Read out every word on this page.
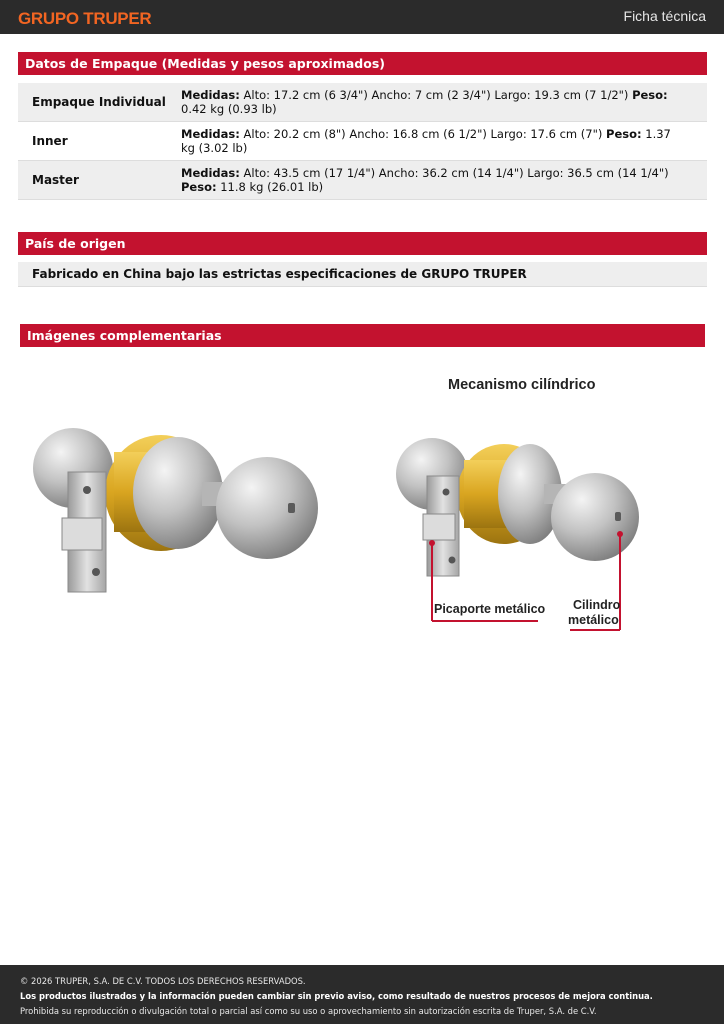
GRUPO TRUPER	Ficha técnica
Datos de Empaque (Medidas y pesos aproximados)
Empaque Individual	Medidas: Alto: 17.2 cm (6 3/4") Ancho: 7 cm (2 3/4") Largo: 19.3 cm (7 1/2") Peso: 0.42 kg (0.93 lb)
Inner	Medidas: Alto: 20.2 cm (8") Ancho: 16.8 cm (6 1/2") Largo: 17.6 cm (7") Peso: 1.37 kg (3.02 lb)
Master	Medidas: Alto: 43.5 cm (17 1/4") Ancho: 36.2 cm (14 1/4") Largo: 36.5 cm (14 1/4") Peso: 11.8 kg (26.01 lb)
País de origen
Fabricado en China bajo las estrictas especificaciones de GRUPO TRUPER
Imágenes complementarias
Mecanismo cilíndrico
Picaporte metálico Cilindro
metálico
© 2026 TRUPER, S.A. DE C.V. TODOS LOS DERECHOS RESERVADOS.
Los productos ilustrados y la información pueden cambiar sin previo aviso, como resultado de nuestros procesos de mejora continua.
Prohibida su reproducción o divulgación total o parcial así como su uso o aprovechamiento sin autorización escrita de Truper, S.A. de C.V.
